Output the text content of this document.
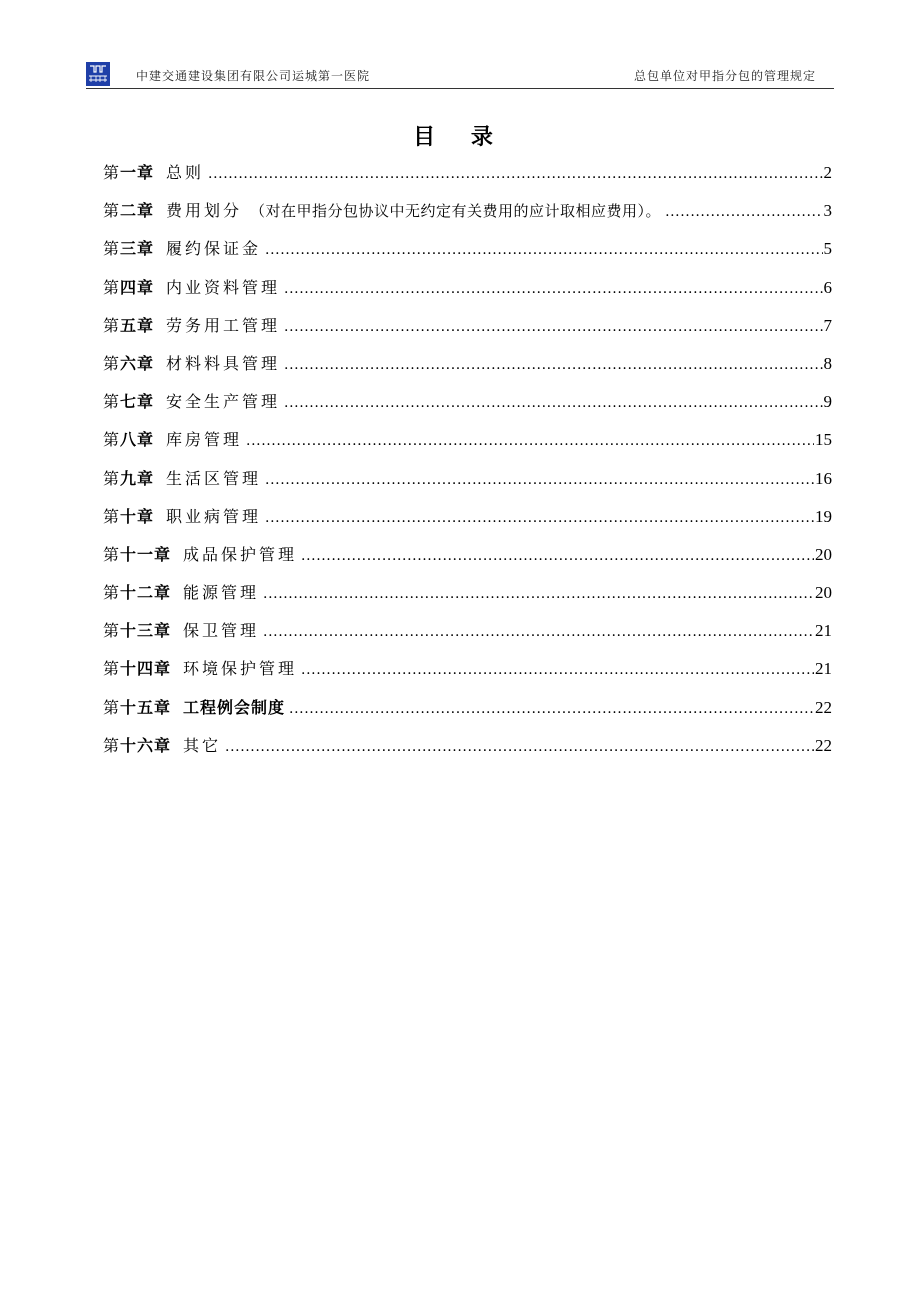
中建交通建设集团有限公司运城第一医院	总包单位对甲指分包的管理规定
目 录
第一章 总则 .....	2
第二章 费用划分 （对在甲指分包协议中无约定有关费用的应计取相应费用）。 .....	3
第三章 履约保证金 .....	5
第四章 内业资料管理 .....	6
第五章 劳务用工管理 .....	7
第六章 材料料具管理 .....	8
第七章 安全生产管理 .....	9
第八章 库房管理 .....	15
第九章 生活区管理 .....	16
第十章 职业病管理 .....	19
第十一章 成品保护管理 .....	20
第十二章 能源管理 .....	20
第十三章 保卫管理 .....	21
第十四章 环境保护管理 .....	21
第十五章 工程例会制度 .....	22
第十六章 其它 .....	22
